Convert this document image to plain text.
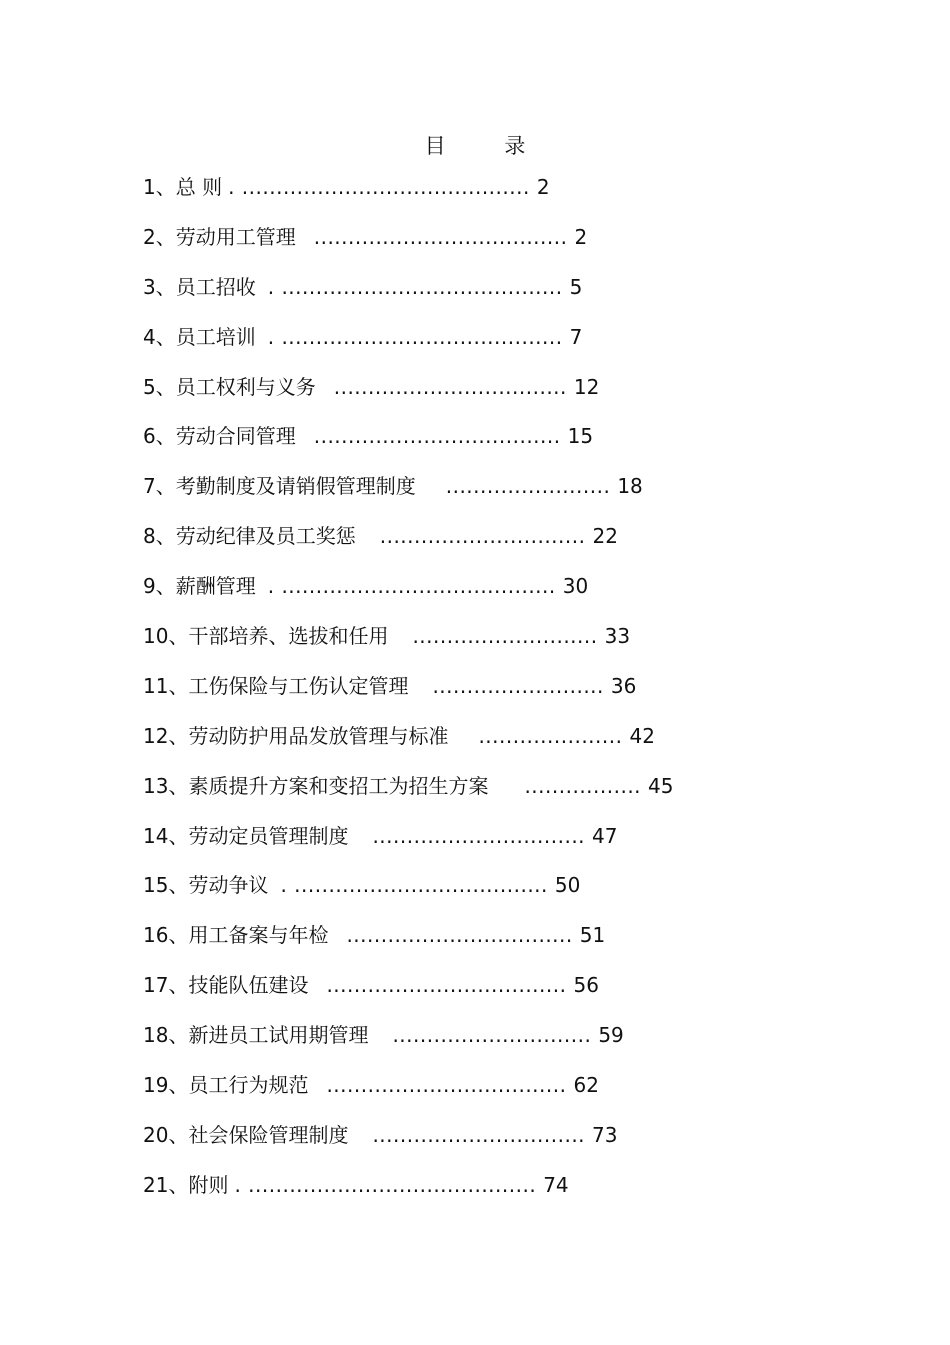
目 录
1、总 则 . .......................................... 2
2、劳动用工管理 ..................................... 2
3、员工招收 . ......................................... 5
4、员工培训 . ......................................... 7
5、员工权利与义务 .................................. 12
6、劳动合同管理 .................................... 15
7、考勤制度及请销假管理制度 ........................ 18
8、劳动纪律及员工奖惩 .............................. 22
9、薪酬管理 . ........................................ 30
10、干部培养、选拔和任用 ........................... 33
11、工伤保险与工伤认定管理 ......................... 36
12、劳动防护用品发放管理与标准 ..................... 42
13、素质提升方案和变招工为招生方案 ................. 45
14、劳动定员管理制度 ............................... 47
15、劳动争议 . ..................................... 50
16、用工备案与年检 ................................. 51
17、技能队伍建设 ................................... 56
18、新进员工试用期管理 ............................. 59
19、员工行为规范 ................................... 62
20、社会保险管理制度 ............................... 73
21、附则 . .......................................... 74
